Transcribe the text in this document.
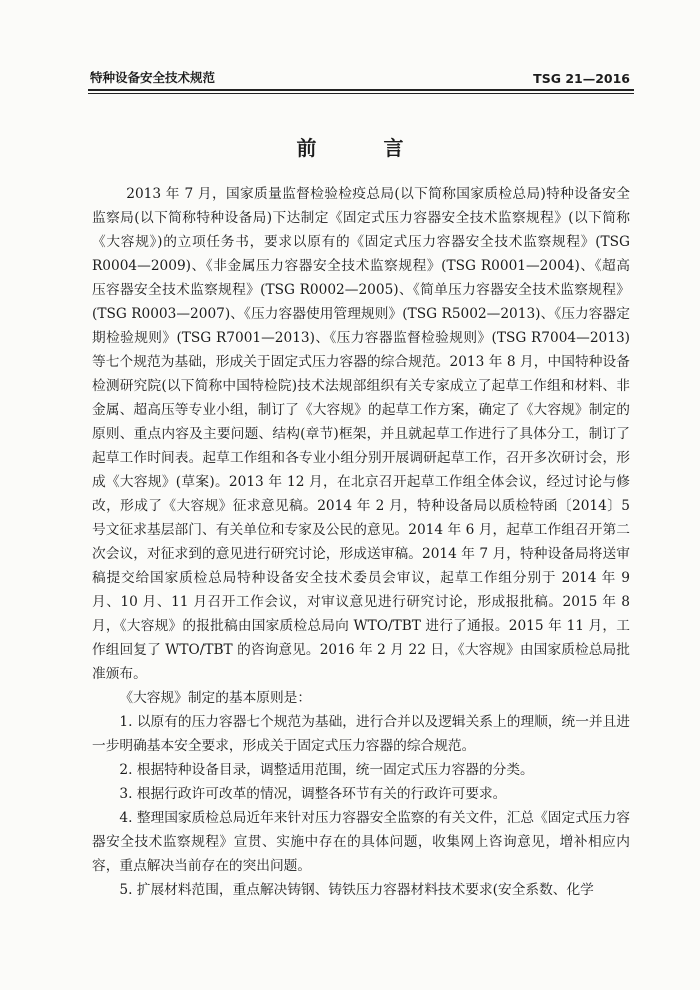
特种设备安全技术规范	TSG 21—2016
前 言

2013 年 7 月，国家质量监督检验检疫总局(以下简称国家质检总局)特种设备安全监察局(以下简称特种设备局)下达制定《固定式压力容器安全技术监察规程》(以下简称《大容规》)的立项任务书，要求以原有的《固定式压力容器安全技术监察规程》(TSG R0004—2009)、《非金属压力容器安全技术监察规程》(TSG R0001—2004)、《超高压容器安全技术监察规程》(TSG R0002—2005)、《简单压力容器安全技术监察规程》(TSG R0003—2007)、《压力容器使用管理规则》(TSG R5002—2013)、《压力容器定期检验规则》(TSG R7001—2013)、《压力容器监督检验规则》(TSG R7004—2013)等七个规范为基础，形成关于固定式压力容器的综合规范。2013 年 8 月，中国特种设备检测研究院(以下简称中国特检院)技术法规部组织有关专家成立了起草工作组和材料、非金属、超高压等专业小组，制订了《大容规》的起草工作方案，确定了《大容规》制定的原则、重点内容及主要问题、结构(章节)框架，并且就起草工作进行了具体分工，制订了起草工作时间表。起草工作组和各专业小组分别开展调研起草工作，召开多次研讨会，形成《大容规》(草案)。2013 年 12 月，在北京召开起草工作组全体会议，经过讨论与修改，形成了《大容规》征求意见稿。2014 年 2 月，特种设备局以质检特函〔2014〕5 号文征求基层部门、有关单位和专家及公民的意见。2014 年 6 月，起草工作组召开第二次会议，对征求到的意见进行研究讨论，形成送审稿。2014 年 7 月，特种设备局将送审稿提交给国家质检总局特种设备安全技术委员会审议，起草工作组分别于 2014 年 9 月、10 月、11 月召开工作会议，对审议意见进行研究讨论，形成报批稿。2015 年 8 月，《大容规》的报批稿由国家质检总局向 WTO/TBT 进行了通报。2015 年 11 月，工作组回复了 WTO/TBT 的咨询意见。2016 年 2 月 22 日，《大容规》由国家质检总局批准颁布。

《大容规》制定的基本原则是：

1. 以原有的压力容器七个规范为基础，进行合并以及逻辑关系上的理顺，统一并且进一步明确基本安全要求，形成关于固定式压力容器的综合规范。

2. 根据特种设备目录，调整适用范围，统一固定式压力容器的分类。

3. 根据行政许可改革的情况，调整各环节有关的行政许可要求。

4. 整理国家质检总局近年来针对压力容器安全监察的有关文件，汇总《固定式压力容器安全技术监察规程》宣贯、实施中存在的具体问题，收集网上咨询意见，增补相应内容，重点解决当前存在的突出问题。

5. 扩展材料范围，重点解决铸钢、铸铁压力容器材料技术要求(安全系数、化学
